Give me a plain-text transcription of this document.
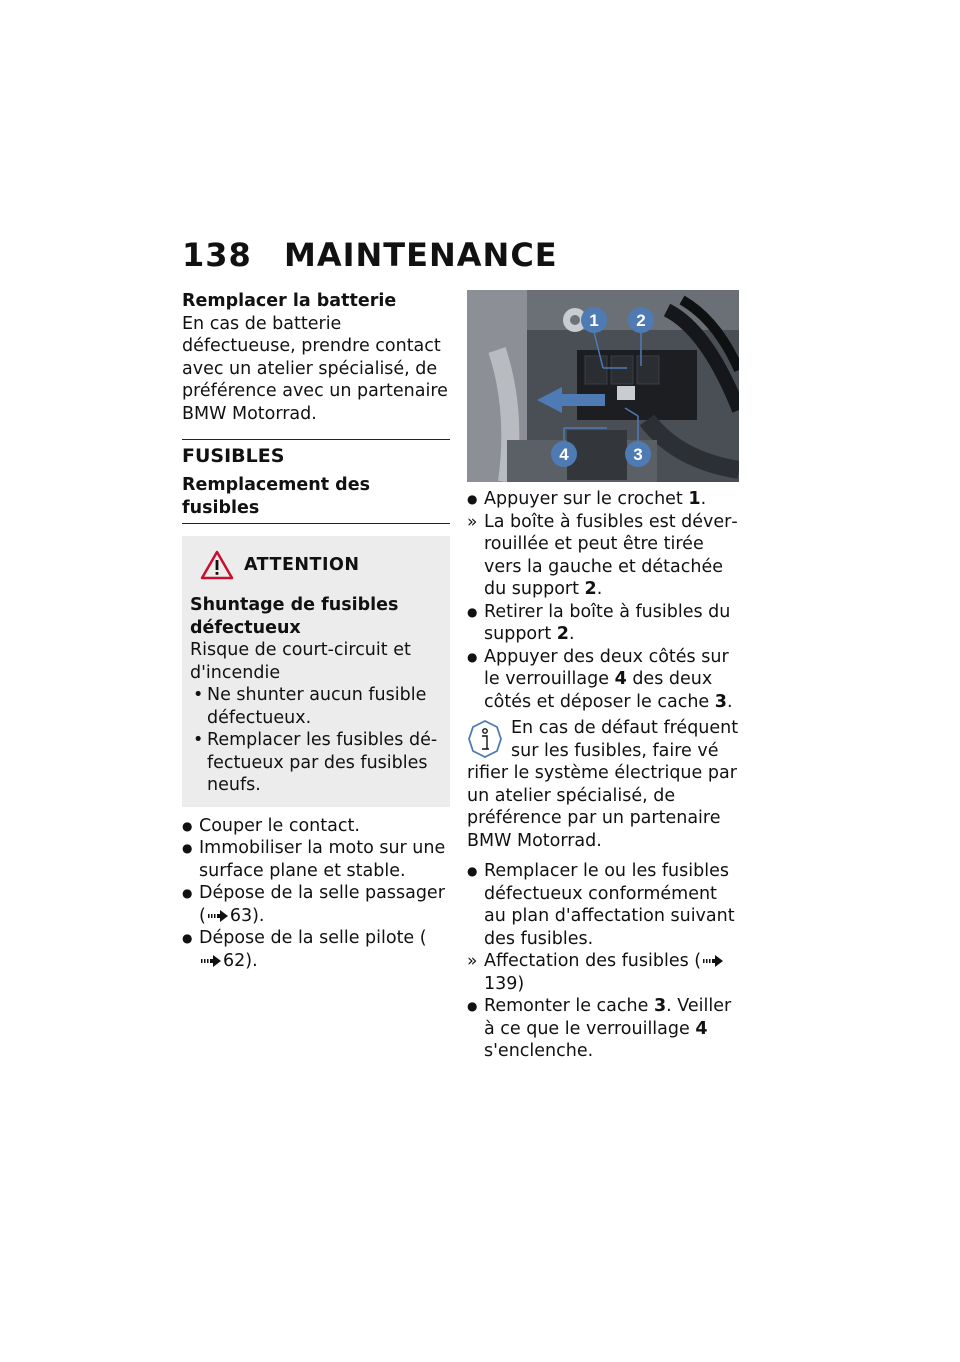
138 MAINTENANCE
Remplacer la batterie
En cas de batterie défectueuse, prendre contact avec un atelier spécialisé, de préférence avec un partenaire BMW Motorrad.
FUSIBLES
Remplacement des fusibles
ATTENTION
Shuntage de fusibles défectueux
Risque de court-circuit et d'incendie
• Ne shunter aucun fusible défectueux.
• Remplacer les fusibles défectueux par des fusibles neufs.
● Couper le contact.
● Immobiliser la moto sur une surface plane et stable.
● Dépose de la selle passager ( 63).
● Dépose de la selle pilote (62).
1 2
3
4
● Appuyer sur le crochet 1.
» La boîte à fusibles est déverrouillée et peut être tirée vers la gauche et détachée du support 2.
● Retirer la boîte à fusibles du support 2.
● Appuyer des deux côtés sur le verrouillage 4 des deux côtés et déposer le cache 3.
En cas de défaut fréquent sur les fusibles, faire vé
rifier le système électrique par un atelier spécialisé, de préférence par un partenaire BMW Motorrad.
● Remplacer le ou les fusibles défectueux conformément au plan d'affectation suivant des fusibles.
» Affectation des fusibles (139)
● Remonter le cache 3. Veiller à ce que le verrouillage 4 s'enclenche.
